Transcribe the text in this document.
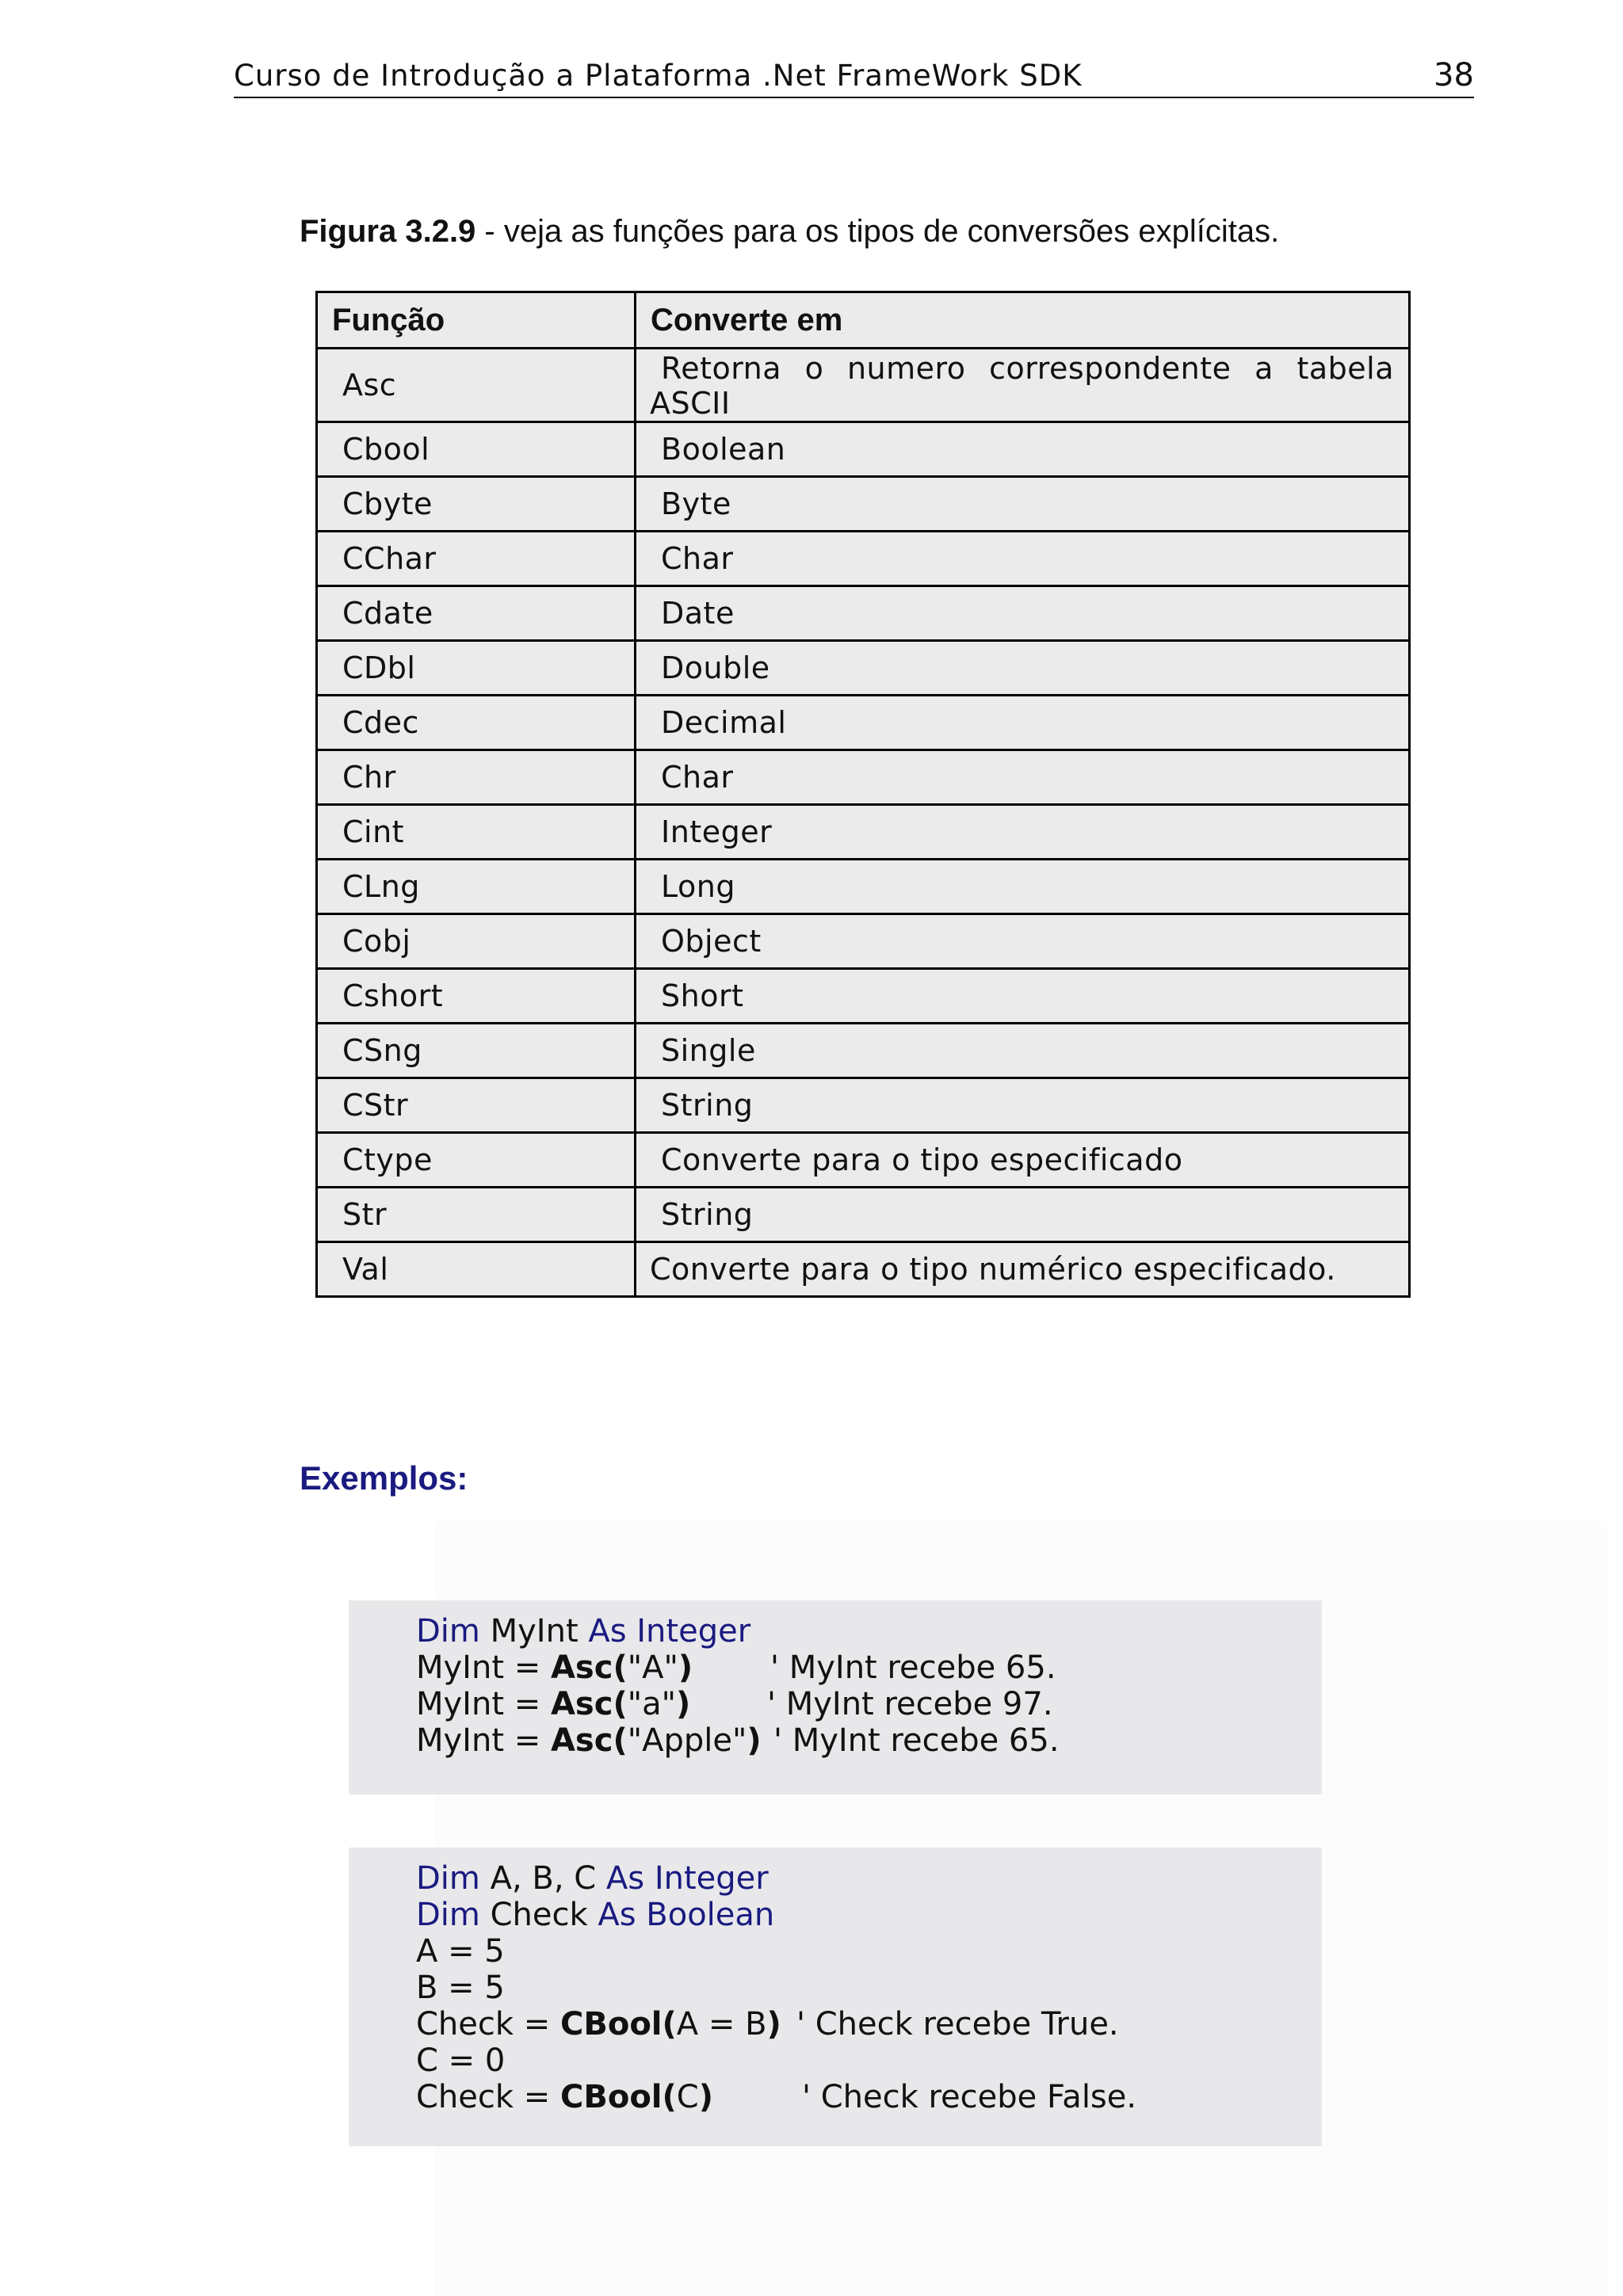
Curso de Introdução a Plataforma .Net FrameWork SDK	38
Figura 3.2.9 - veja as funções para os tipos de conversões explícitas.
Função	Converte em
Asc	Retorna o numero correspondente a tabela
ASCII

Cbool	Boolean
Cbyte	Byte
CChar	Char
Cdate	Date
CDbl	Double
Cdec	Decimal
Chr	Char
Cint	Integer
CLng	Long
Cobj	Object
Cshort	Short
CSng	Single
CStr	String
Ctype	Converte para o tipo especificado
Str	String
Val	Converte para o tipo numérico especificado.
Exemplos:
Dim MyInt As Integer
MyInt = Asc("A") ' MyInt recebe 65.
MyInt = Asc("a") ' MyInt recebe 97.
MyInt = Asc("Apple") ' MyInt recebe 65.
Dim A, B, C As Integer
Dim Check As Boolean
A = 5
B = 5
Check = CBool(A = B) ' Check recebe True.
C = 0
Check = CBool(C)	' Check recebe False.
